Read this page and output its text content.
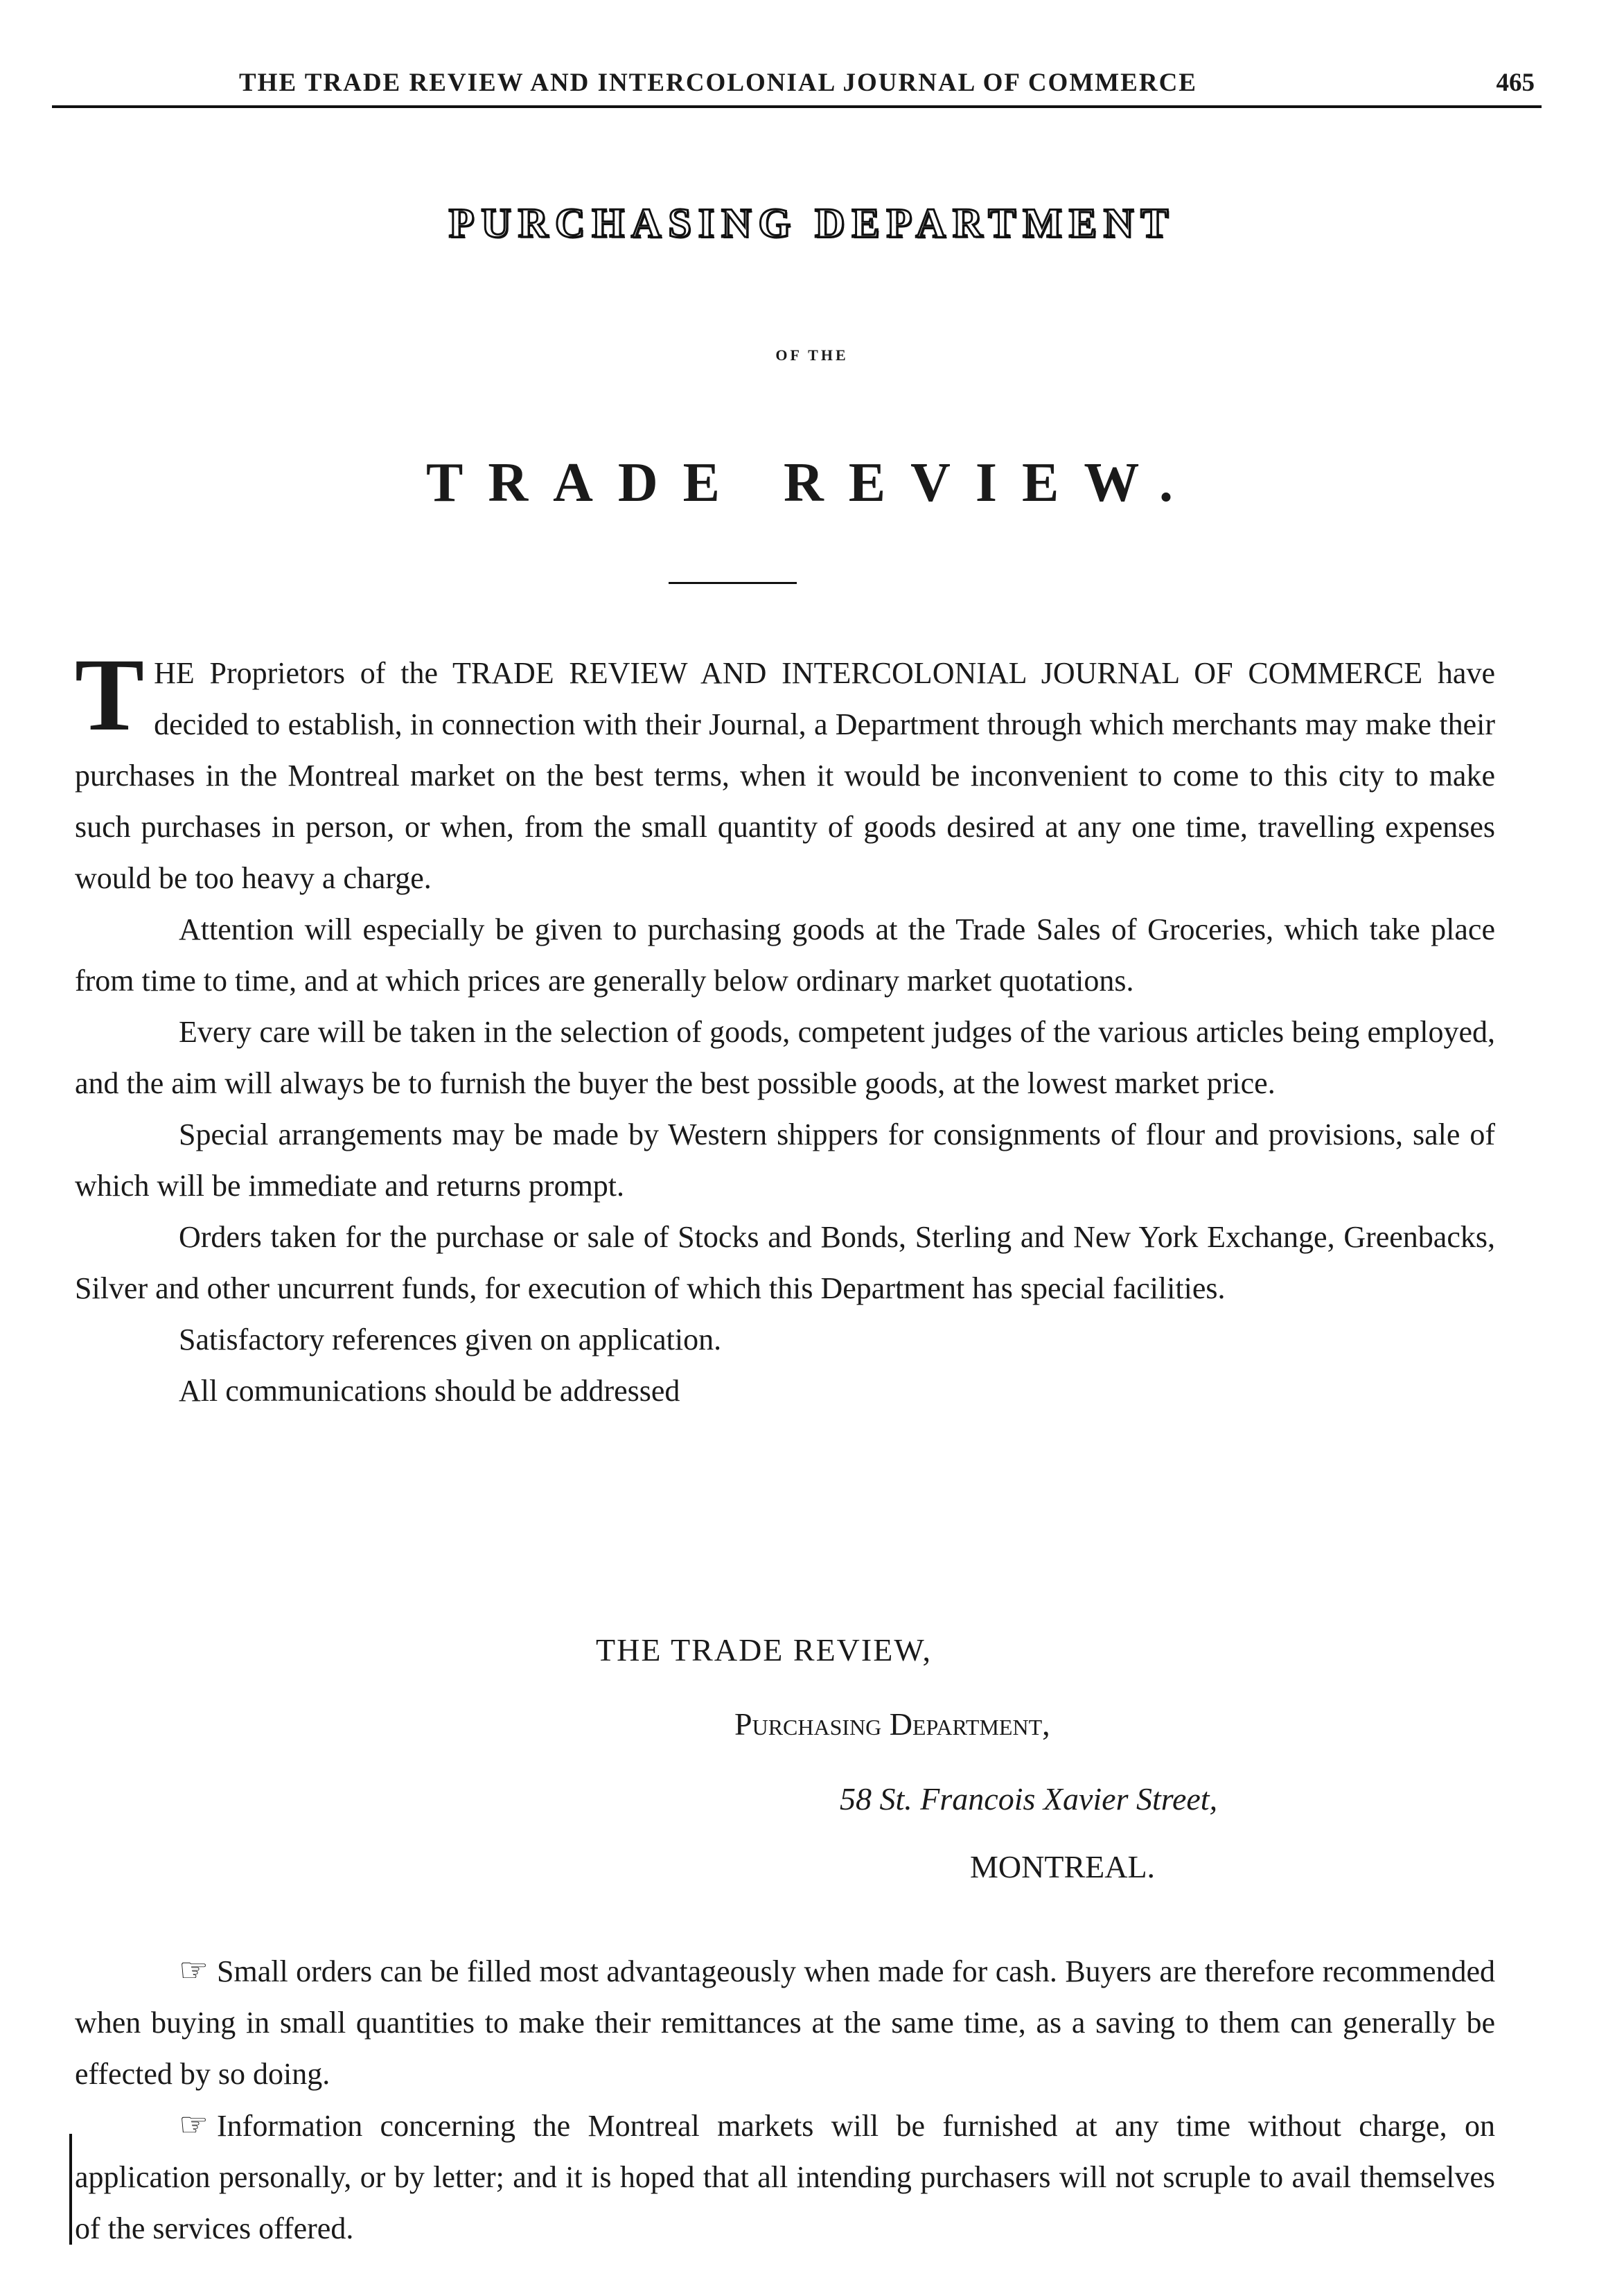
THE TRADE REVIEW AND INTERCOLONIAL JOURNAL OF COMMERCE	465
PURCHASING DEPARTMENT
OF THE
TRADE REVIEW.

THE Proprietors of the TRADE REVIEW AND INTERCOLONIAL JOURNAL OF COMMERCE have decided to establish, in connection with their Journal, a Department through which merchants may make their purchases in the Montreal market on the best terms, when it would be inconvenient to come to this city to make such purchases in person, or when, from the small quantity of goods desired at any one time, travelling expenses would be too heavy a charge.

Attention will especially be given to purchasing goods at the Trade Sales of Groceries, which take place from time to time, and at which prices are generally below ordinary market quotations.

Every care will be taken in the selection of goods, competent judges of the various articles being employed, and the aim will always be to furnish the buyer the best possible goods, at the lowest market price.

Special arrangements may be made by Western shippers for consignments of flour and provisions, sale of which will be immediate and returns prompt.

Orders taken for the purchase or sale of Stocks and Bonds, Sterling and New York Exchange, Greenbacks, Silver and other uncurrent funds, for execution of which this Department has special facilities.

Satisfactory references given on application.

All communications should be addressed

THE TRADE REVIEW,
Purchasing Department,
58 St. Francois Xavier Street,
MONTREAL.

☞ Small orders can be filled most advantageously when made for cash. Buyers are therefore recommended when buying in small quantities to make their remittances at the same time, as a saving to them can generally be effected by so doing.

☞ Information concerning the Montreal markets will be furnished at any time without charge, on application personally, or by letter; and it is hoped that all intending purchasers will not scruple to avail themselves of the services offered.
